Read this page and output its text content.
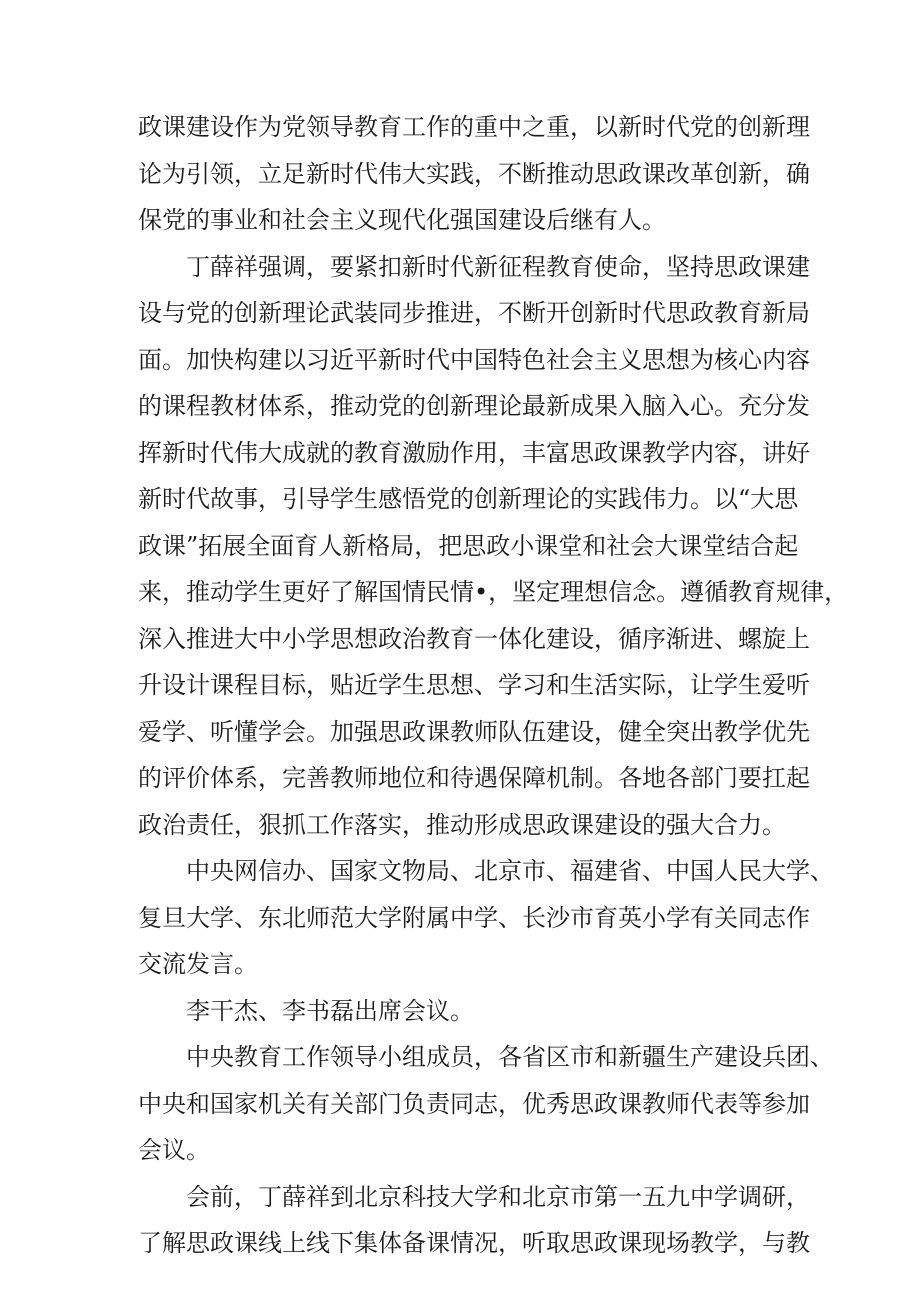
政课建设作为党领导教育工作的重中之重，以新时代党的创新理
论为引领，立足新时代伟大实践，不断推动思政课改革创新，确
保党的事业和社会主义现代化强国建设后继有人。
丁薛祥强调，要紧扣新时代新征程教育使命，坚持思政课建
设与党的创新理论武装同步推进，不断开创新时代思政教育新局
面。加快构建以习近平新时代中国特色社会主义思想为核心内容
的课程教材体系，推动党的创新理论最新成果入脑入心。充分发
挥新时代伟大成就的教育激励作用，丰富思政课教学内容，讲好
新时代故事，引导学生感悟党的创新理论的实践伟力。以“大思
政课”拓展全面育人新格局，把思政小课堂和社会大课堂结合起
来，推动学生更好了解国情民情•，坚定理想信念。遵循教育规律，
深入推进大中小学思想政治教育一体化建设，循序渐进、螺旋上
升设计课程目标，贴近学生思想、学习和生活实际，让学生爱听
爱学、听懂学会。加强思政课教师队伍建设，健全突出教学优先
的评价体系，完善教师地位和待遇保障机制。各地各部门要扛起
政治责任，狠抓工作落实，推动形成思政课建设的强大合力。
中央网信办、国家文物局、北京市、福建省、中国人民大学、
复旦大学、东北师范大学附属中学、长沙市育英小学有关同志作
交流发言。
李干杰、李书磊出席会议。
中央教育工作领导小组成员，各省区市和新疆生产建设兵团、
中央和国家机关有关部门负责同志，优秀思政课教师代表等参加
会议。
会前，丁薛祥到北京科技大学和北京市第一五九中学调研，
了解思政课线上线下集体备课情况，听取思政课现场教学，与教
